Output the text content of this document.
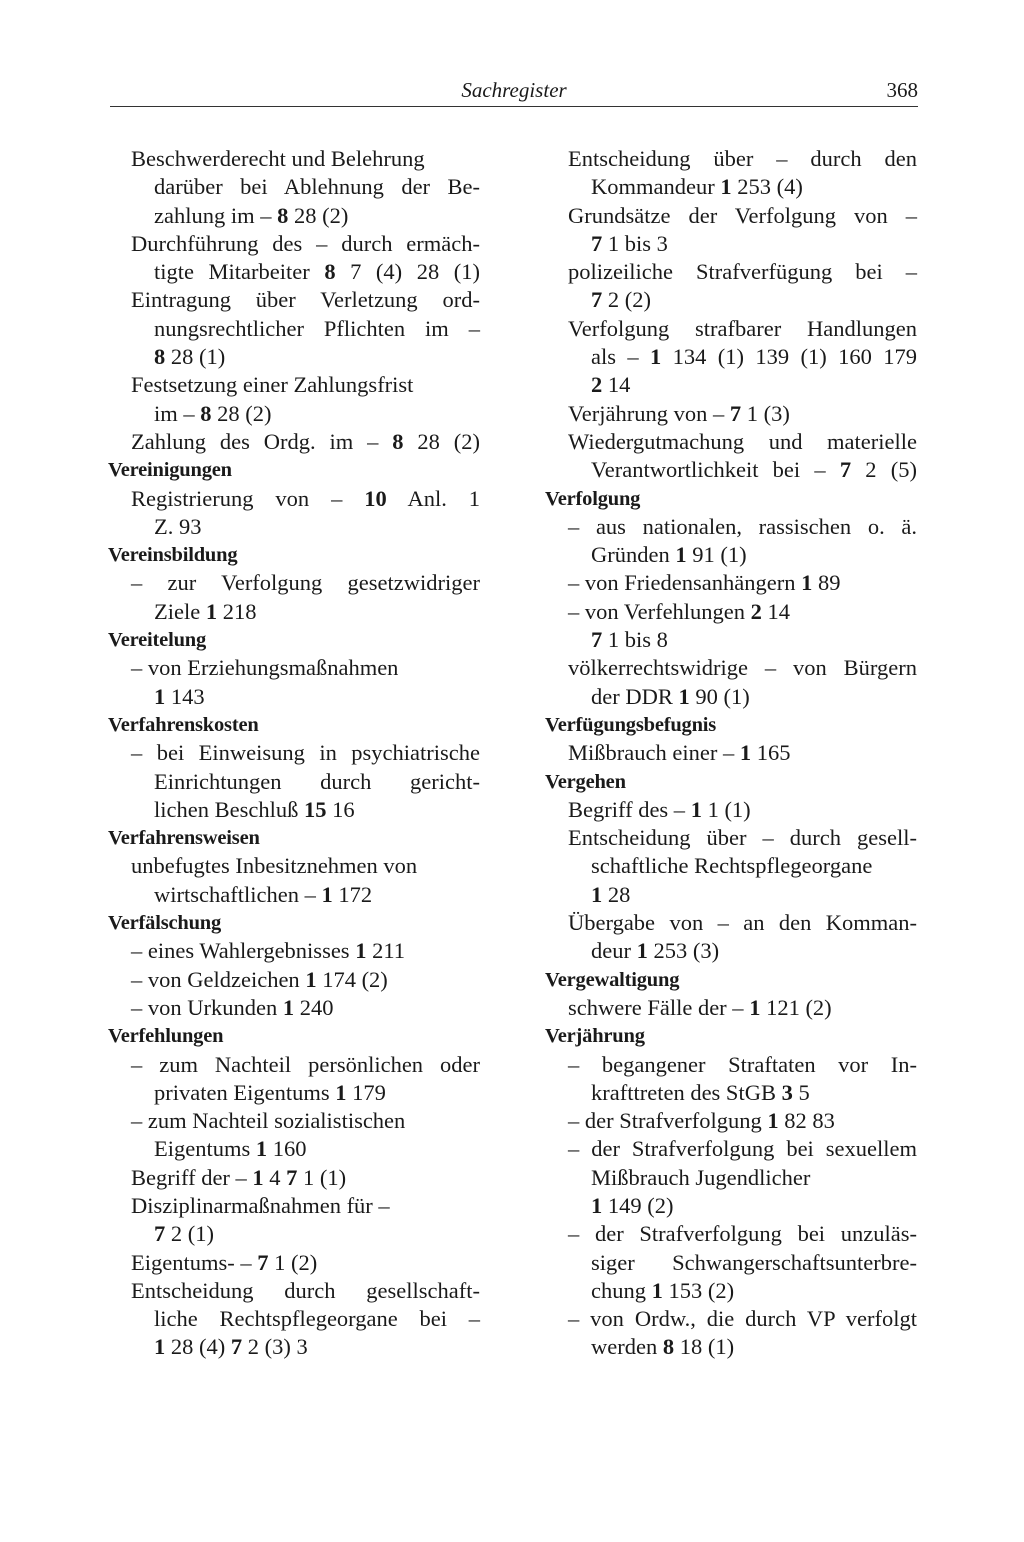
Sachregister	368
Beschwerderecht und Belehrung
darüber bei Ablehnung der Be-
zahlung im – 8 28 (2)
Durchführung des – durch ermäch-
tigte Mitarbeiter 8 7 (4) 28 (1)
Eintragung über Verletzung ord-
nungsrechtlicher Pflichten im –
8 28 (1)
Festsetzung einer Zahlungsfrist
im – 8 28 (2)
Zahlung des Ordg. im – 8 28 (2)
Vereinigungen
Registrierung von – 10 Anl. 1
Z. 93
Vereinsbildung
– zur Verfolgung gesetzwidriger
Ziele 1 218
Vereitelung
– von Erziehungsmaßnahmen
1 143
Verfahrenskosten
– bei Einweisung in psychiatrische
Einrichtungen durch gericht-
lichen Beschluß 15 16
Verfahrensweisen
unbefugtes Inbesitznehmen von
wirtschaftlichen – 1 172
Verfälschung
– eines Wahlergebnisses 1 211
– von Geldzeichen 1 174 (2)
– von Urkunden 1 240
Verfehlungen
– zum Nachteil persönlichen oder
privaten Eigentums 1 179
– zum Nachteil sozialistischen
Eigentums 1 160
Begriff der – 1 4 7 1 (1)
Disziplinarmaßnahmen für –
7 2 (1)
Eigentums- – 7 1 (2)
Entscheidung durch gesellschaft-
liche Rechtspflegeorgane bei –
1 28 (4) 7 2 (3) 3
Entscheidung über – durch den
Kommandeur 1 253 (4)
Grundsätze der Verfolgung von –
7 1 bis 3
polizeiliche Strafverfügung bei –
7 2 (2)
Verfolgung strafbarer Handlungen
als – 1 134 (1) 139 (1) 160 179
2 14
Verjährung von – 7 1 (3)
Wiedergutmachung und materielle
Verantwortlichkeit bei – 7 2 (5)
Verfolgung
– aus nationalen, rassischen o. ä.
Gründen 1 91 (1)
– von Friedensanhängern 1 89
– von Verfehlungen 2 14
7 1 bis 8
völkerrechtswidrige – von Bürgern
der DDR 1 90 (1)
Verfügungsbefugnis
Mißbrauch einer – 1 165
Vergehen
Begriff des – 1 1 (1)
Entscheidung über – durch gesell-
schaftliche Rechtspflegeorgane
1 28
Übergabe von – an den Komman-
deur 1 253 (3)
Vergewaltigung
schwere Fälle der – 1 121 (2)
Verjährung
– begangener Straftaten vor In-
krafttreten des StGB 3 5
– der Strafverfolgung 1 82 83
– der Strafverfolgung bei sexuellem
Mißbrauch Jugendlicher
1 149 (2)
– der Strafverfolgung bei unzuläs-
siger Schwangerschaftsunterbre-
chung 1 153 (2)
– von Ordw., die durch VP verfolgt
werden 8 18 (1)
